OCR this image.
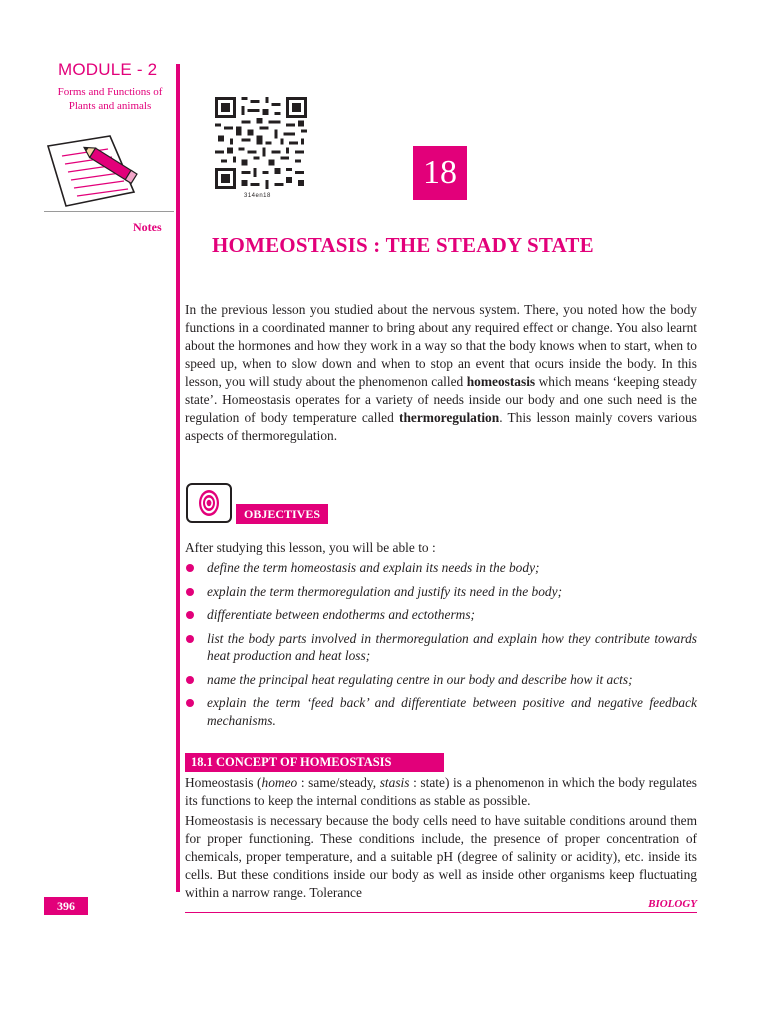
MODULE - 2
Forms and Functions of Plants and animals
Notes
314en18
18
HOMEOSTASIS : THE STEADY STATE
In the previous lesson you studied about the nervous system. There, you noted how the body functions in a coordinated manner to bring about any required effect or change. You also learnt about the hormones and how they work in a way so that the body knows when to start, when to speed up, when to slow down and when to stop an event that ocurs inside the body. In this lesson, you will study about the phenomenon called homeostasis which means ‘keeping steady state’. Homeostasis operates for a variety of needs inside our body and one such need is the regulation of body temperature called thermoregulation. This lesson mainly covers various aspects of thermoregulation.
OBJECTIVES
After studying this lesson, you will be able to :
define the term homeostasis and explain its needs in the body;
explain the term thermoregulation and justify its need in the body;
differentiate between endotherms and ectotherms;
list the body parts involved in thermoregulation and explain how they contribute towards heat production and heat loss;
name the principal heat regulating centre in our body and describe how it acts;
explain the term ‘feed back’ and differentiate between positive and negative feedback mechanisms.
18.1 CONCEPT OF HOMEOSTASIS
Homeostasis (homeo : same/steady, stasis : state) is a phenomenon in which the body regulates its functions to keep the internal conditions as stable as possible.
Homeostasis is necessary because the body cells need to have suitable conditions around them for proper functioning. These conditions include, the presence of proper concentration of chemicals, proper temperature, and a suitable pH (degree of salinity or acidity), etc. inside its cells. But these conditions inside our body as well as inside other organisms keep fluctuating within a narrow range. Tolerance
396	BIOLOGY
